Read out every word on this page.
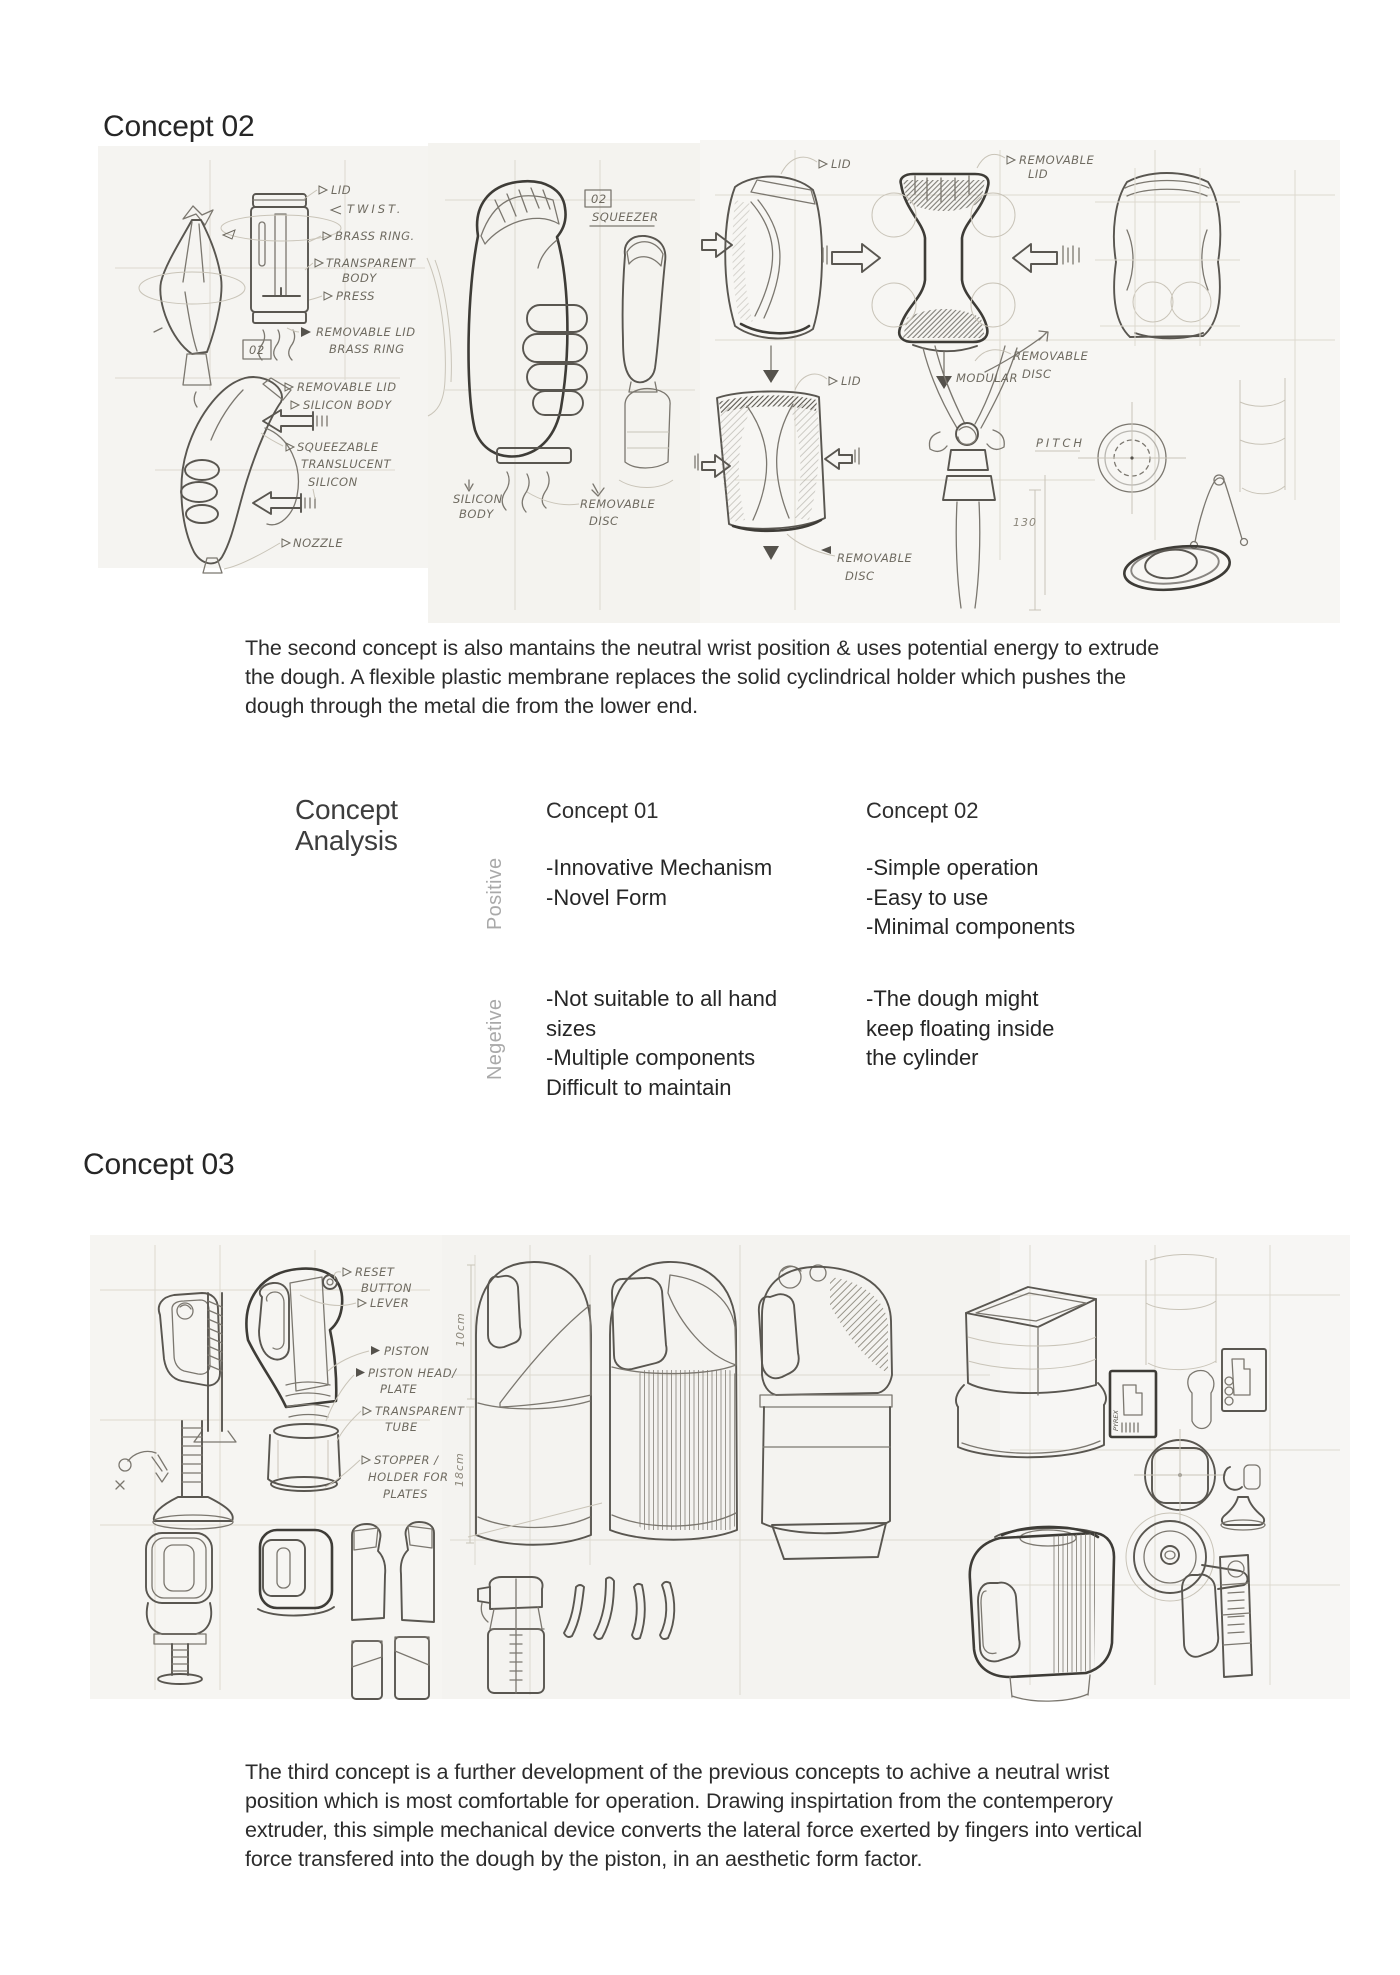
Concept 02
LID
TWIST.
BRASS RING.
TRANSPARENT
BODY
PRESS
REMOVABLE LID
BRASS RING
02
REMOVABLE LID
SILICON BODY
SQUEEZABLE
TRANSLUCENT
SILICON
NOZZLE
02
SQUEEZER
SILICON
BODY
REMOVABLE
DISC
LID	REMOVABLE
LID
LID
REMOVABLE
DISC
MODULAR
REMOVABLE
DISC
130
PITCH

The second concept is also mantains the neutral wrist position & uses potential energy to extrude the dough. A flexible plastic membrane replaces the solid cyclindrical holder which pushes the dough through the metal die from the lower end.

Concept
Analysis
Concept 01	Concept 02
Positive
Negetive
-Innovative Mechanism
-Novel Form
-Simple operation
-Easy to use
-Minimal components
-Not suitable to all hand
sizes
-Multiple components
Difficult to maintain
-The dough might
keep floating inside
the cylinder
Concept 03
RESET
BUTTON
LEVER
PISTON
PISTON HEAD/
PLATE
TRANSPARENT
TUBE
STOPPER /
HOLDER FOR
PLATES
10cm
18cm
PYREX

The third concept is a further development of the previous concepts to achive a neutral wrist position which is most comfortable for operation. Drawing inspirtation from the contemperory extruder, this simple mechanical device converts the lateral force exerted by fingers into vertical force transfered into the dough by the piston, in an aesthetic form factor.
